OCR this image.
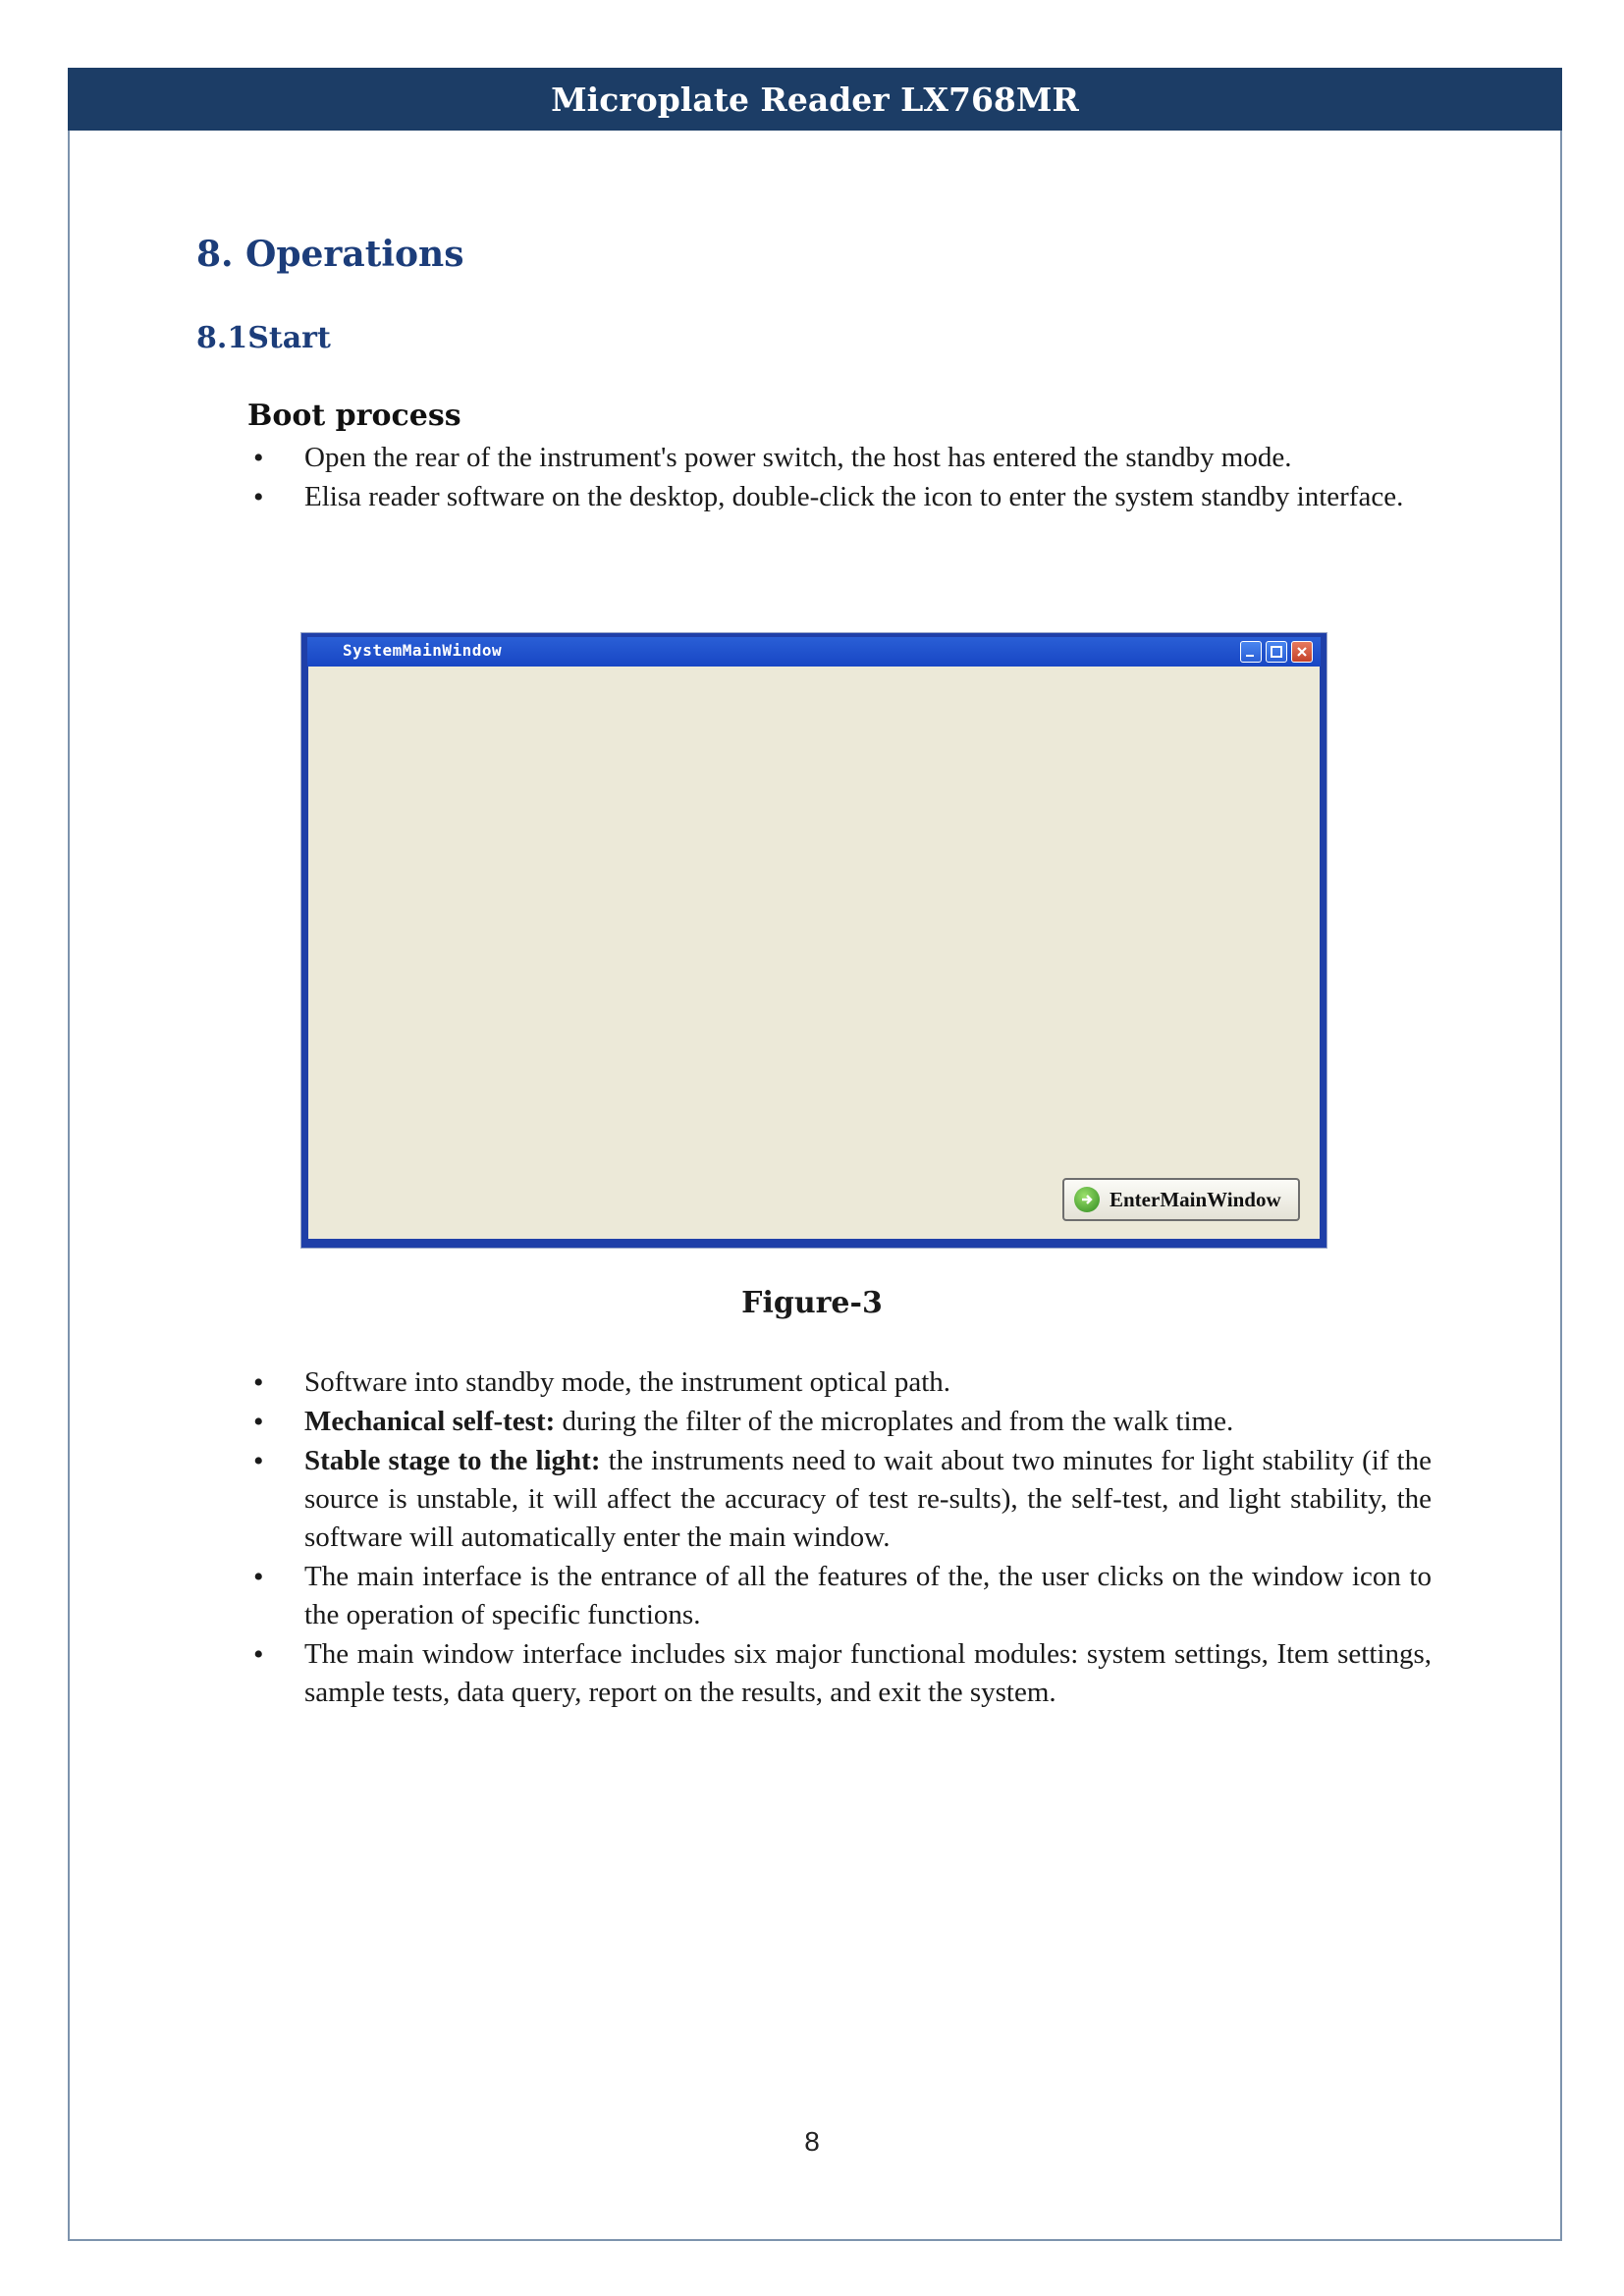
Microplate Reader LX768MR
8. Operations
8.1Start
Boot process
• Open the rear of the instrument's power switch, the host has entered the standby mode.
• Elisa reader software on the desktop, double-click the icon to enter the system standby interface.
SystemMainWindow
EnterMainWindow
Figure-3
• Software into standby mode, the instrument optical path.
• Mechanical self-test: during the filter of the microplates and from the walk time.
• Stable stage to the light: the instruments need to wait about two minutes for light stability (if the source is unstable, it will affect the accuracy of test re-sults), the self-test, and light stability, the software will automatically enter the main window.
• The main interface is the entrance of all the features of the, the user clicks on the window icon to the operation of specific functions.
• The main window interface includes six major functional modules: system settings, Item settings, sample tests, data query, report on the results, and exit the system.
8
